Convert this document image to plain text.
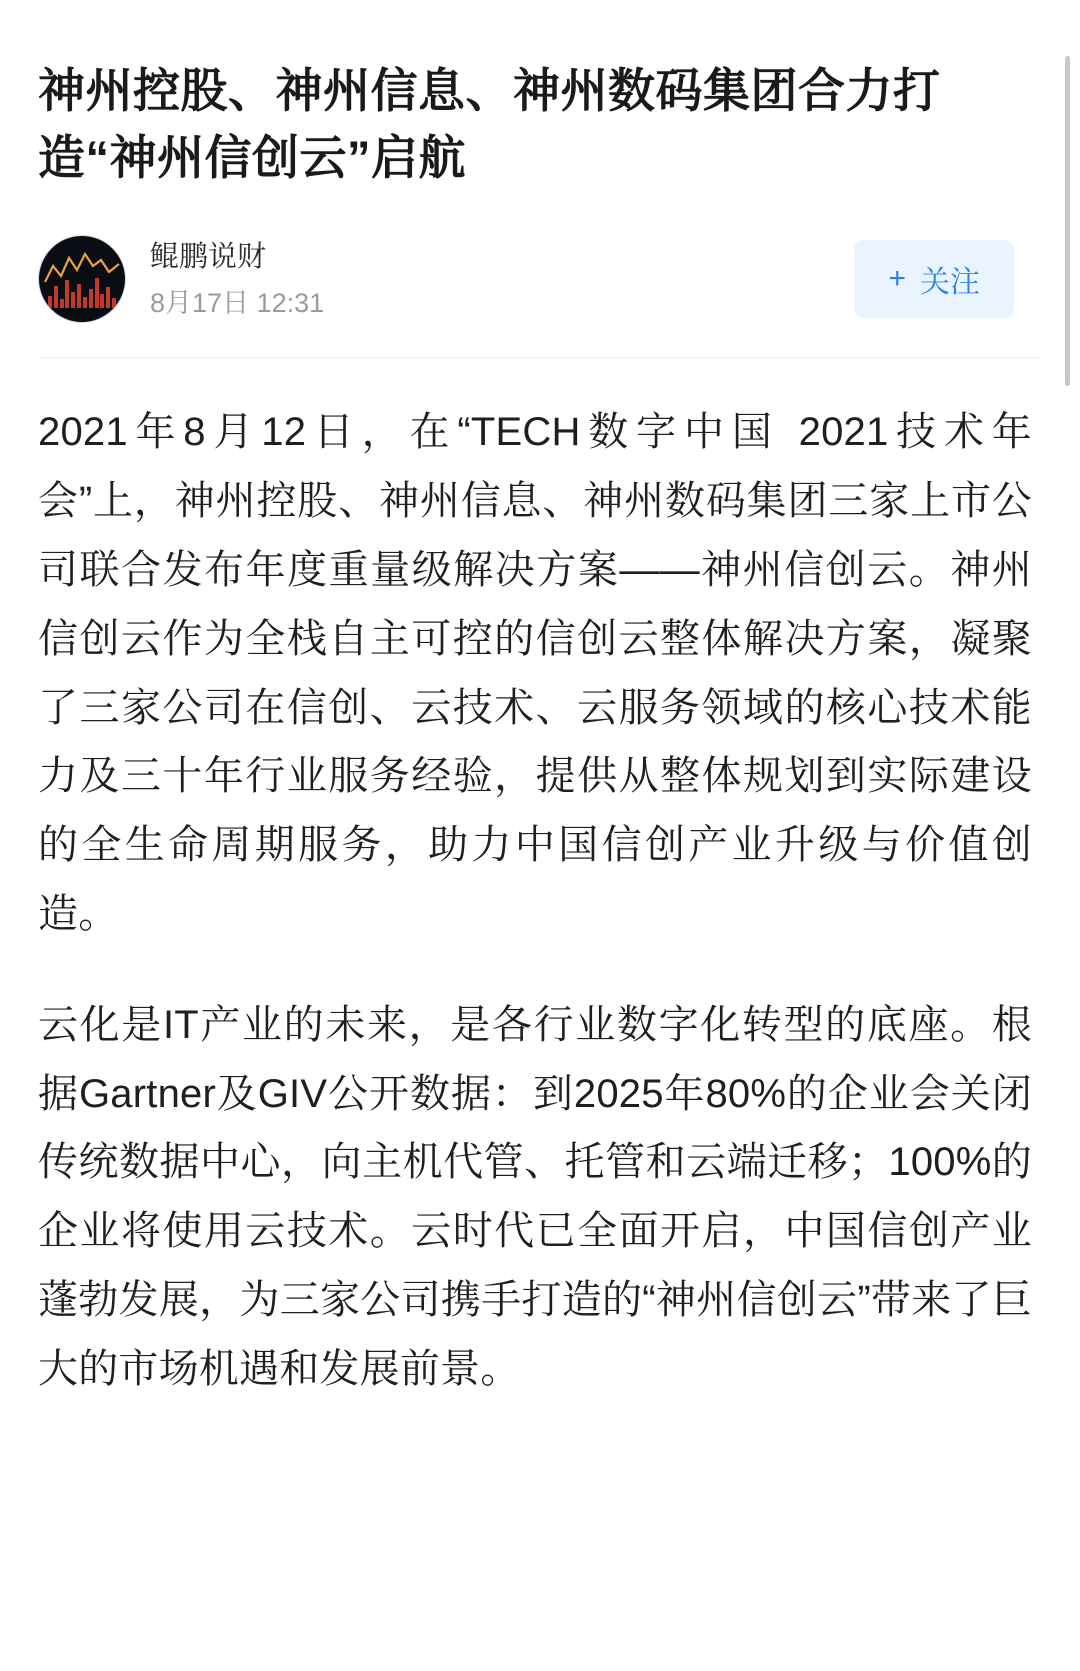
神州控股、神州信息、神州数码集团合力打造“神州信创云”启航
鲲鹏说财
8月17日 12:31
+ 关注

2021年8月12日，在“TECH数字中国 2021技术年会”上，神州控股、神州信息、神州数码集团三家上市公司联合发布年度重量级解决方案——神州信创云。神州信创云作为全栈自主可控的信创云整体解决方案，凝聚了三家公司在信创、云技术、云服务领域的核心技术能力及三十年行业服务经验，提供从整体规划到实际建设的全生命周期服务，助力中国信创产业升级与价值创造。

云化是IT产业的未来，是各行业数字化转型的底座。根据Gartner及GIV公开数据：到2025年80%的企业会关闭传统数据中心，向主机代管、托管和云端迁移；100%的企业将使用云技术。云时代已全面开启，中国信创产业蓬勃发展，为三家公司携手打造的“神州信创云”带来了巨大的市场机遇和发展前景。
